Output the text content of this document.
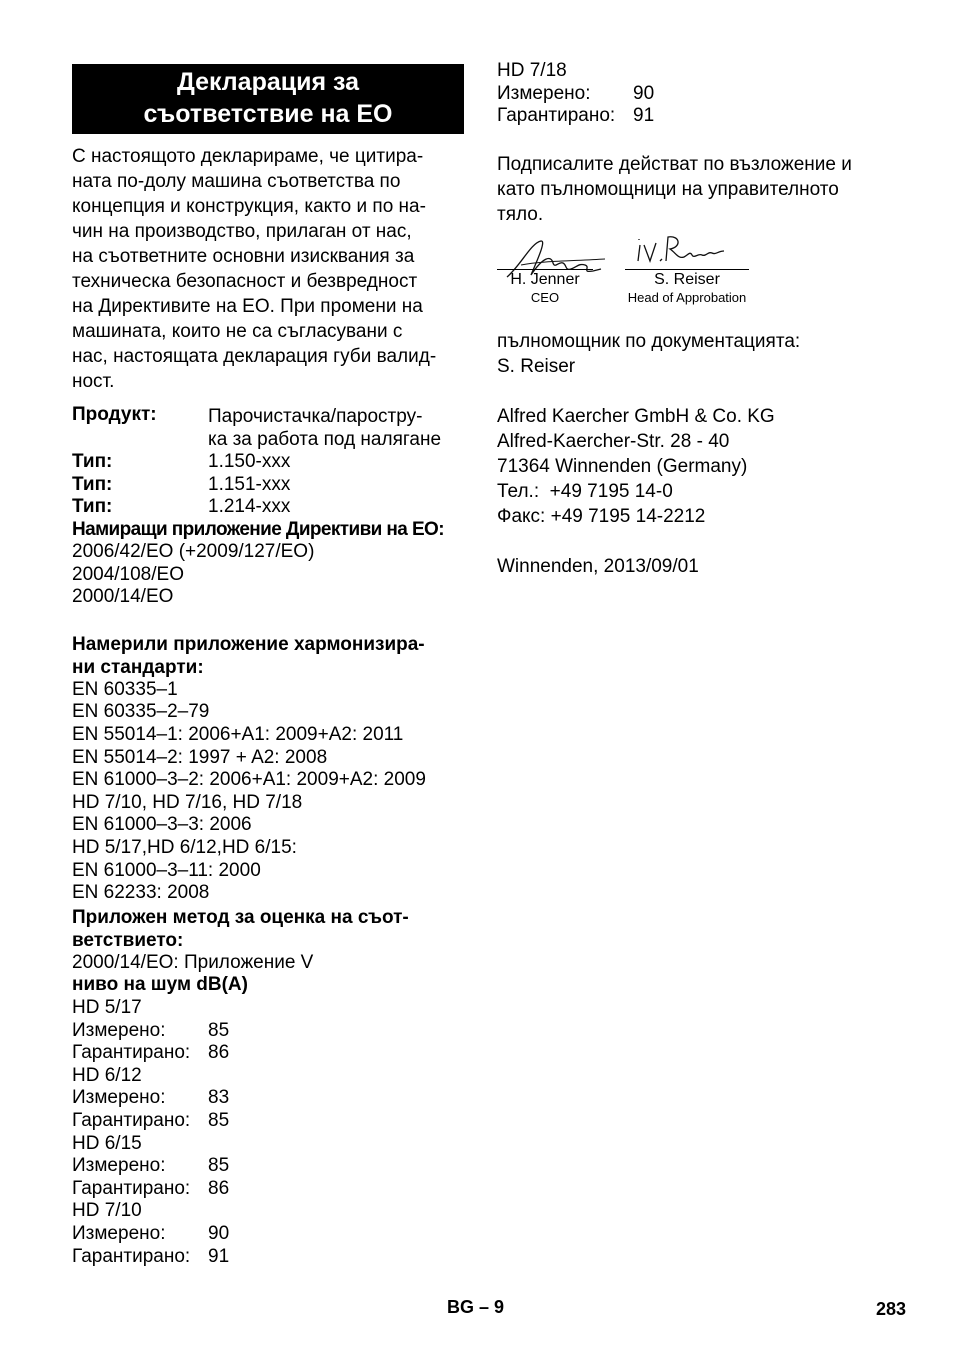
Декларация за
съответствие на ЕО
С настоящото декларираме, че цитира-
ната по-долу машина съответства по
концепция и конструкция, както и по на-
чин на производство, прилаган от нас,
на съответните основни изисквания за
техническа безопасност и безвредност
на Директивите на ЕО. При промени на
машината, които не са съгласувани с
нас, настоящата декларация губи валид-
ност.
Продукт:	Парочистачка/паростру-
ка за работа под налягане
Тип:	1.150-xxx
Тип:	1.151-xxx
Тип:	1.214-xxx
Намиращи приложение Директиви на ЕО:
2006/42/ЕО (+2009/127/ЕО)
2004/108/ЕО
2000/14/ЕО
Намерили приложение хармонизира-
ни стандарти:
EN 60335–1
EN 60335–2–79
EN 55014–1: 2006+A1: 2009+A2: 2011
EN 55014–2: 1997 + A2: 2008
EN 61000–3–2: 2006+A1: 2009+A2: 2009
HD 7/10, HD 7/16, HD 7/18
EN 61000–3–3: 2006
HD 5/17,HD 6/12,HD 6/15:
EN 61000–3–11: 2000
EN 62233: 2008
Приложен метод за оценка на съот-
ветствието:
2000/14/ЕО: Приложение V
ниво на шум dB(A)
HD 5/17
Измерено:	85
Гарантирано: 86
HD 6/12
Измерено:	83
Гарантирано: 85
HD 6/15
Измерено:	85
Гарантирано: 86
HD 7/10
Измерено:	90
Гарантирано: 91
HD 7/18
Измерено:	90
Гарантирано: 91
Подписалите действат по възложение и
като пълномощници на управителното
тяло.
H. Jenner
CEO
S. Reiser
Head of Approbation
пълномощник по документацията:
S. Reiser
Alfred Kaercher GmbH & Co. KG
Alfred-Kaercher-Str. 28 - 40
71364 Winnenden (Germany)
Тел.:  +49 7195 14-0
Факс: +49 7195 14-2212
Winnenden, 2013/09/01
BG – 9	283
